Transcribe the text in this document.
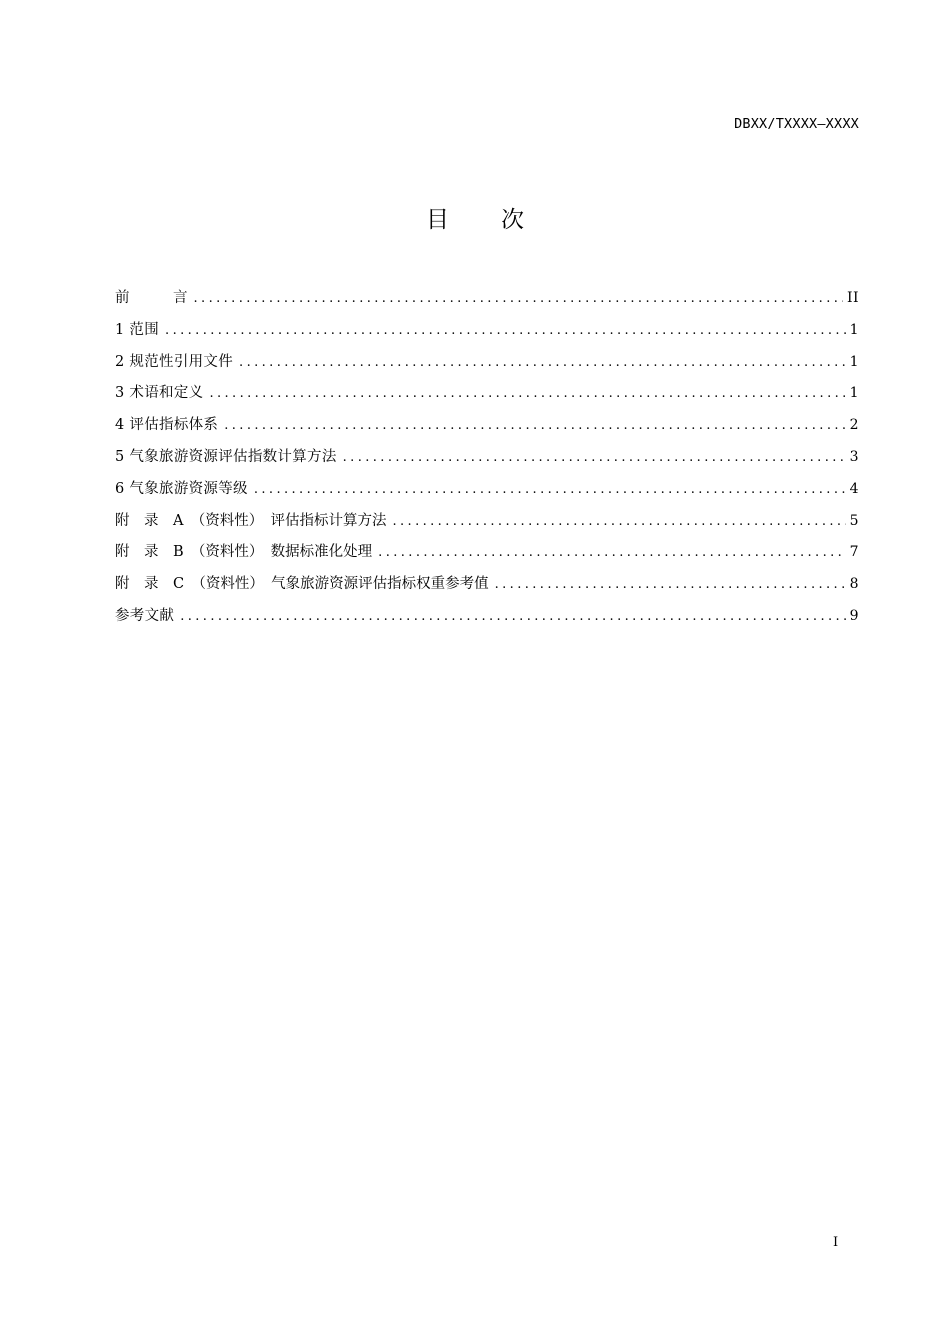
DBXX/TXXXX—XXXX
目 次
前　　　言 .....	II
1 范围 .....	1
2 规范性引用文件 .....	1
3 术语和定义 .....	1
4 评估指标体系 .....	2
5 气象旅游资源评估指数计算方法 .....	3
6 气象旅游资源等级 .....	4
附　录　A　（资料性）　评估指标计算方法 .....	5
附　录　B　（资料性）　数据标准化处理 .....	7
附　录　C　（资料性）　气象旅游资源评估指标权重参考值 .....	8
参考文献 .....	9
I
